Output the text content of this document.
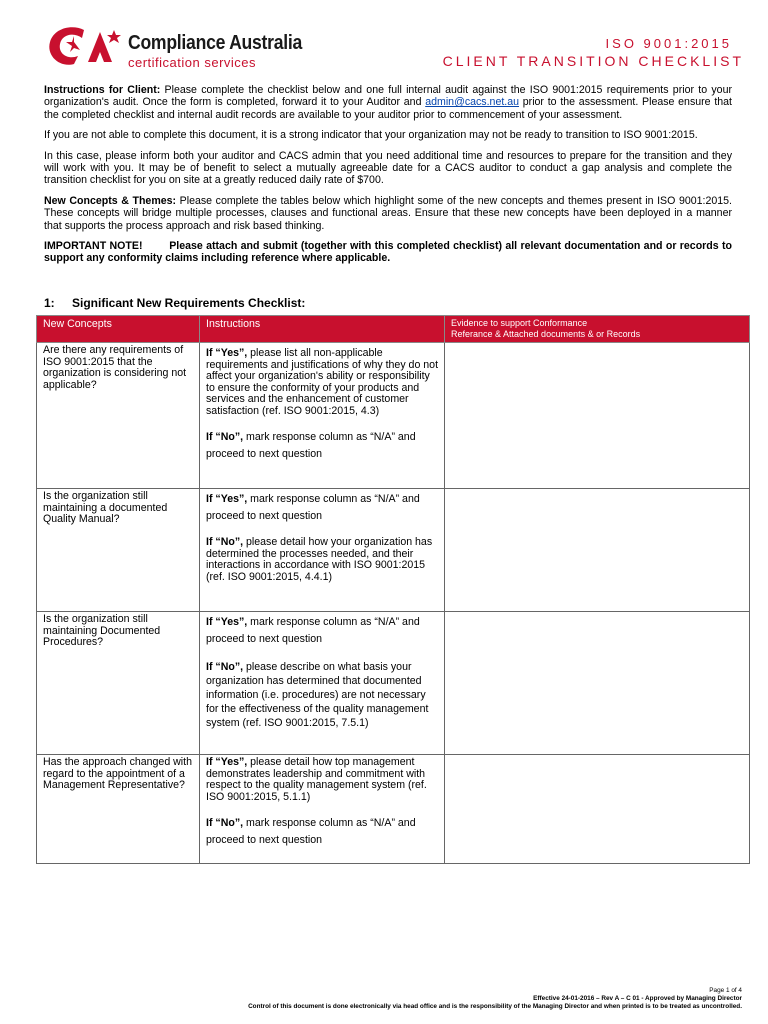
Compliance Australia
certification services
ISO 9001:2015
CLIENT TRANSITION CHECKLIST

Instructions for Client: Please complete the checklist below and one full internal audit against the ISO 9001:2015 requirements prior to your organization's audit. Once the form is completed, forward it to your Auditor and admin@cacs.net.au prior to the assessment. Please ensure that the completed checklist and internal audit records are available to your auditor prior to commencement of your assessment.

If you are not able to complete this document, it is a strong indicator that your organization may not be ready to transition to ISO 9001:2015.

In this case, please inform both your auditor and CACS admin that you need additional time and resources to prepare for the transition and they will work with you. It may be of benefit to select a mutually agreeable date for a CACS auditor to conduct a gap analysis and complete the transition checklist for you on site at a greatly reduced daily rate of $700.

New Concepts & Themes: Please complete the tables below which highlight some of the new concepts and themes present in ISO 9001:2015. These concepts will bridge multiple processes, clauses and functional areas. Ensure that these new concepts have been deployed in a manner that supports the process approach and risk based thinking.

IMPORTANT NOTE!	Please attach and submit (together with this completed checklist) all relevant documentation and or records to support any conformity claims including reference where applicable.

1: Significant New Requirements Checklist:
New Concepts	Instructions	Evidence to support Conformance
Referance & Attached documents & or Records

Are there any requirements of ISO 9001:2015 that the organization is considering not applicable?	If “Yes”, please list all non-applicable requirements and justifications of why they do not affect your organization's ability or responsibility to ensure the conformity of your products and services and the enhancement of customer satisfaction (ref. ISO 9001:2015, 4.3)

If “No”, mark response column as “N/A” and proceed to next question	

Is the organization still maintaining a documented Quality Manual?	If “Yes”, mark response column as “N/A” and proceed to next question

If “No”, please detail how your organization has determined the processes needed, and their interactions in accordance with ISO 9001:2015 (ref. ISO 9001:2015, 4.4.1)	

Is the organization still maintaining Documented Procedures?	If “Yes”, mark response column as “N/A” and proceed to next question

If “No”, please describe on what basis your organization has determined that documented information (i.e. procedures) are not necessary for the effectiveness of the quality management system (ref. ISO 9001:2015, 7.5.1)	

Has the approach changed with regard to the appointment of a Management Representative?	If “Yes”, please detail how top management demonstrates leadership and commitment with respect to the quality management system (ref. ISO 9001:2015, 5.1.1)

If “No”, mark response column as “N/A” and proceed to next question	

Page 1 of 4
Effective 24-01-2016 – Rev A – C 01 - Approved by Managing Director
Control of this document is done electronically via head office and is the responsibility of the Managing Director and when printed is to be treated as uncontrolled.
